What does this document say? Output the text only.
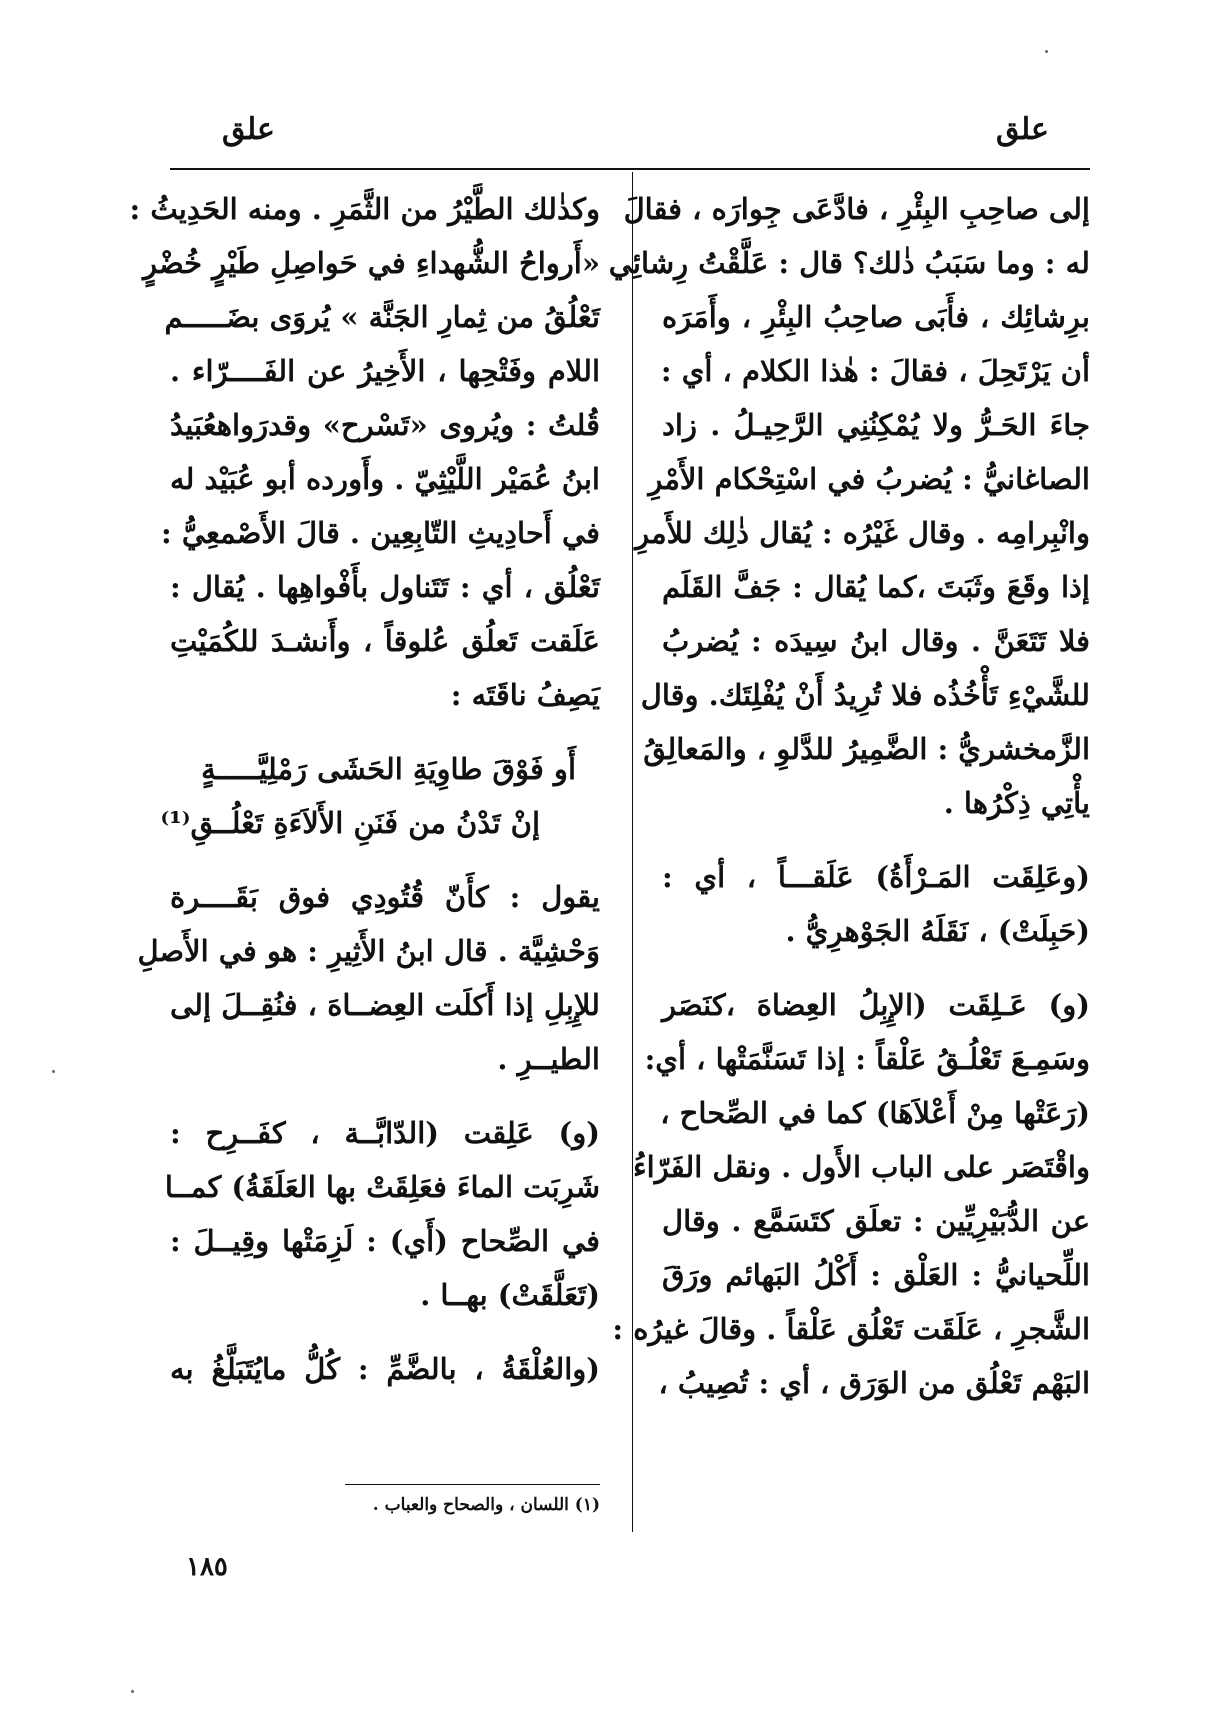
علق
علق
إلى صاحِبِ البِئْرِ ، فادَّعَى جِوارَه ، فقالَ
له : وما سَبَبُ ذٰلك؟ قال : عَلَّقْتُ رِشائِي
برِشائِك ، فأَبَى صاحِبُ البِئْرِ ، وأَمَرَه
أن يَرْتَحِلَ ، فقالَ : هٰذا الكلام ، أي :
جاءَ الحَـرُّ ولا يُمْكِنُنِي الرَّحِيـلُ . زاد
الصاغانيُّ : يُضربُ في اسْتِحْكام الأَمْرِ
وانْبِرامِه . وقال غَيْرُه : يُقال ذٰلِك للأَمرِ
إذا وقَعَ وثَبَتَ ،كما يُقال : جَفَّ القَلَم
فلا تَتَعَنَّ . وقال ابنُ سِيدَه : يُضربُ
للشَّيْءِ تَأْخُذُه فلا تُرِيدُ أَنْ يُفْلِتَك. وقال
الزَّمخشريُّ : الضَّمِيرُ للدَّلوِ ، والمَعالِقُ
يأْتِي ذِكْرُها .
(وعَلِقَت المَـرْأَةُ) عَلَقـــاً ، أي :
(حَبِلَتْ) ، نَقَلَهُ الجَوْهرِيُّ .
(و) عَـلِقَت (الإِبِلُ العِضاهَ ،كنَصَر
وسَمِـعَ تَعْلُـقُ عَلْقاً : إذا تَسَنَّمَتْها ، أي:
(رَعَتْها مِنْ أَعْلاَهَا) كما في الصِّحاح ،
واقْتَصَر على الباب الأَول . ونقل الفَرّاءُ
عن الدُّبَيْرِيِّين : تعلَق كتَسَمَّع . وقال
اللِّحيانيُّ : العَلْق : أَكْلُ البَهائم ورَقَ
الشَّجرِ ، عَلَقَت تَعْلُق عَلْقاً . وقالَ غيرُه :
البَهْم تَعْلُق من الوَرَق ، أي : تُصِيبُ ،
وكذٰلك الطَّيْرُ من الثَّمَرِ . ومنه الحَدِيثُ :
«أَرواحُ الشُّهداءِ في حَواصِلِ طَيْرٍ خُضْرٍ
تَعْلُقُ من ثِمارِ الجَنَّة » يُروَى بضَـــــم
اللام وفَتْحِها ، الأَخِيرُ عن الفَــــرّاء .
قُلتُ : ويُروى «تَسْرح» وقدرَواهعُبَيدُ
ابنُ عُمَيْر اللَّيْثِيّ . وأَورده أبو عُبَيْد له
في أَحادِيثِ التّابِعِين . قالَ الأَصْمعِيُّ :
تَعْلُق ، أي : تَتَناول بأَفْواهِها . يُقال :
عَلَقت تَعلُق عُلوقاً ، وأَنشـدَ للكُمَيْتِ
يَصِفُ ناقَتَه :
أَو فَوْقَ طاوِيَةِ الحَشَى رَمْلِيَّـــــةٍ
إنْ تَدْنُ من فَنَنِ الأَلاَءَةِ تَعْلُــقِ⁽¹⁾
يقول : كأَنّ قُتُودِي فوق بَقَــــرة
وَحْشِيَّة . قال ابنُ الأَثِيرِ : هو في الأَصلِ
للإِبِلِ إذا أَكلَت العِضــاهَ ، فنُقِــلَ إلى
الطيــرِ .
(و) عَلِقت (الدّابَّــة ، كفَــرِح :
شَرِبَت الماءَ فعَلِقَتْ بها العَلَقَةُ) كمــا
في الصِّحاح (أَي) : لَزِمَتْها وقِيــلَ :
(تَعَلَّقَتْ) بهــا .
(والعُلْقَةُ ، بالضَّمِّ : كُلُّ مايُتَبَلَّغُ به
(١) اللسان ، والصحاح والعباب .
١٨٥
